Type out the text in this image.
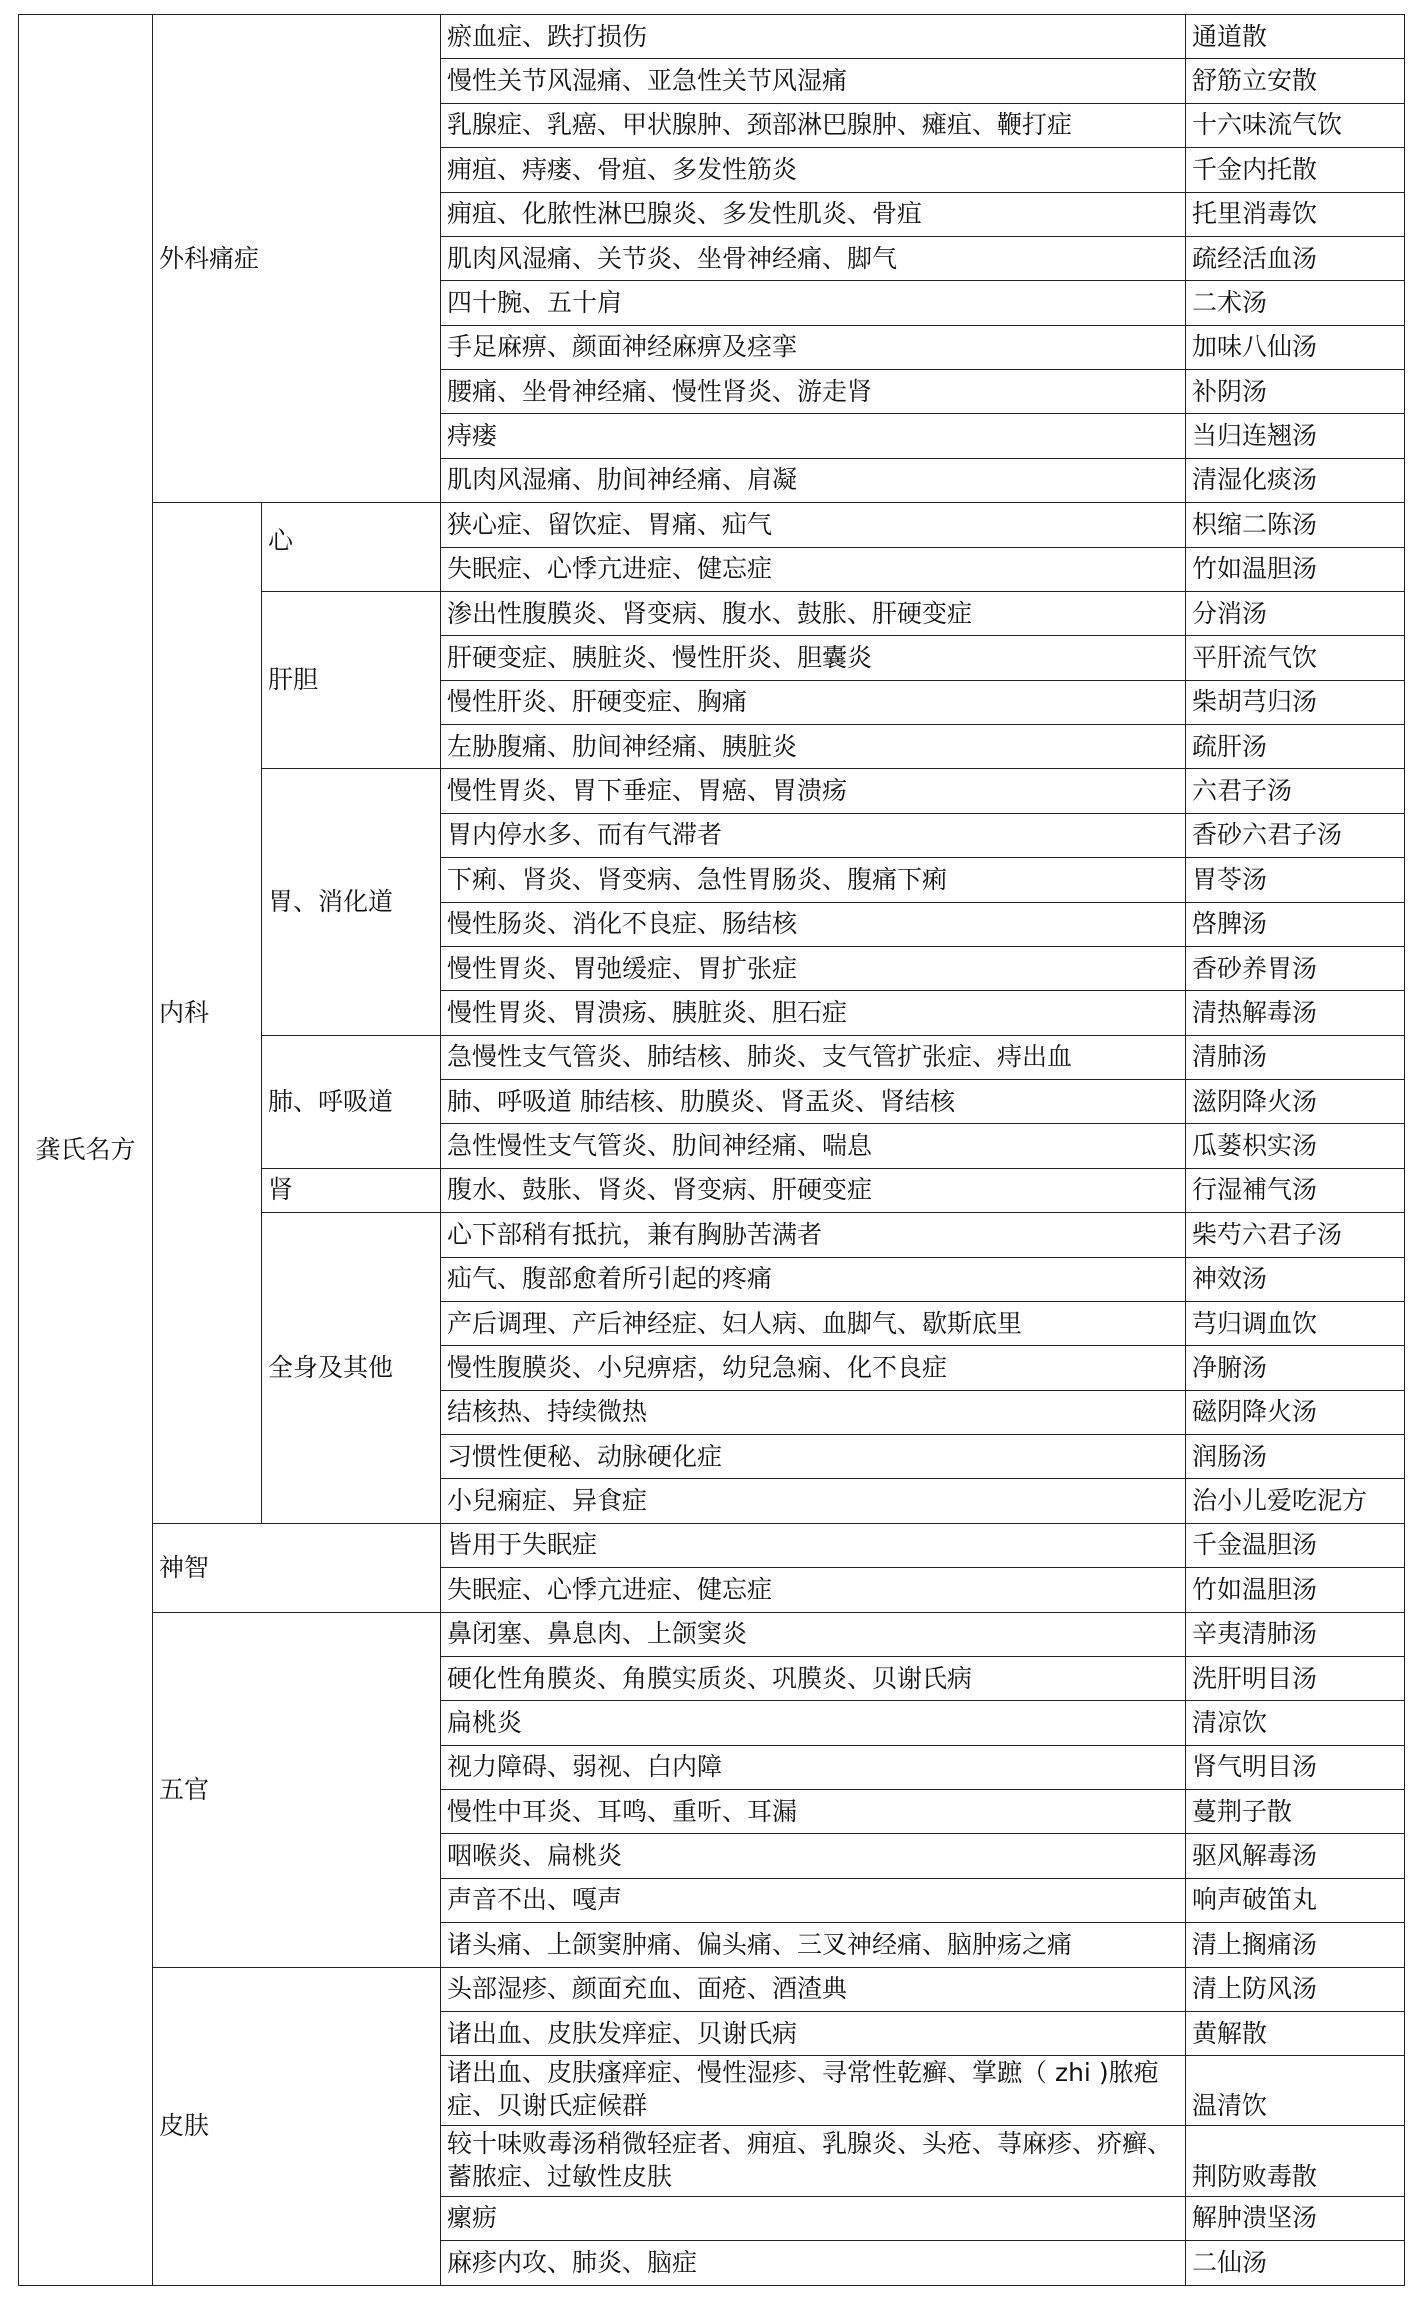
龚氏名方	外科痛症		瘀血症、跌打损伤	通道散
			慢性关节风湿痛、亚急性关节风湿痛	舒筋立安散
			乳腺症、乳癌、甲状腺肿、颈部淋巴腺肿、瘫疽、鞭打症	十六味流气饮
			痈疽、痔瘘、骨疽、多发性筋炎	千金内托散
			痈疽、化脓性淋巴腺炎、多发性肌炎、骨疽	托里消毒饮
			肌肉风湿痛、关节炎、坐骨神经痛、脚气	疏经活血汤
			四十腕、五十肩	二术汤
			手足麻痹、颜面神经麻痹及痉挛	加味八仙汤
			腰痛、坐骨神经痛、慢性肾炎、游走肾	补阴汤
			痔瘘	当归连翘汤
			肌肉风湿痛、肋间神经痛、肩凝	清湿化痰汤
	内科	心	狭心症、留饮症、胃痛、疝气	枳缩二陈汤
			失眠症、心悸亢进症、健忘症	竹如温胆汤
		肝胆	渗出性腹膜炎、肾变病、腹水、鼓胀、肝硬变症	分消汤
			肝硬变症、胰脏炎、慢性肝炎、胆囊炎	平肝流气饮
			慢性肝炎、肝硬变症、胸痛	柴胡芎归汤
			左胁腹痛、肋间神经痛、胰脏炎	疏肝汤
		胃、消化道	慢性胃炎、胃下垂症、胃癌、胃溃疡	六君子汤
			胃内停水多、而有气滞者	香砂六君子汤
			下痢、肾炎、肾变病、急性胃肠炎、腹痛下痢	胃苓汤
			慢性肠炎、消化不良症、肠结核	啓脾汤
			慢性胃炎、胃弛缓症、胃扩张症	香砂养胃汤
			慢性胃炎、胃溃疡、胰脏炎、胆石症	清热解毒汤
		肺、呼吸道	急慢性支气管炎、肺结核、肺炎、支气管扩张症、痔出血	清肺汤
			肺、呼吸道 肺结核、肋膜炎、肾盂炎、肾结核	滋阴降火汤
			急性慢性支气管炎、肋间神经痛、喘息	瓜蒌枳实汤
		肾	腹水、鼓胀、肾炎、肾变病、肝硬变症	行湿補气汤
		全身及其他	心下部稍有抵抗，兼有胸胁苦满者	柴芍六君子汤
			疝气、腹部愈着所引起的疼痛	神效汤
			产后调理、产后神经症、妇人病、血脚气、歇斯底里	芎归调血饮
			慢性腹膜炎、小兒痹痞，幼兒急痫、化不良症	净腑汤
			结核热、持续微热	磁阴降火汤
			习惯性便秘、动脉硬化症	润肠汤
			小兒痫症、异食症	治小儿爱吃泥方
	神智		皆用于失眠症	千金温胆汤
			失眠症、心悸亢进症、健忘症	竹如温胆汤
	五官		鼻闭塞、鼻息肉、上颌窦炎	辛夷清肺汤
			硬化性角膜炎、角膜实质炎、巩膜炎、贝谢氏病	洗肝明目汤
			扁桃炎	清凉饮
			视力障碍、弱视、白内障	肾气明目汤
			慢性中耳炎、耳鸣、重听、耳漏	蔓荆子散
			咽喉炎、扁桃炎	驱风解毒汤
			声音不出、嘎声	响声破笛丸
			诸头痛、上颌窦肿痛、偏头痛、三叉神经痛、脑肿疡之痛	清上搁痛汤
	皮肤		头部湿疹、颜面充血、面疮、酒渣典	清上防风汤
			诸出血、皮肤发痒症、贝谢氏病	黄解散
			诸出血、皮肤瘙痒症、慢性湿疹、寻常性乾癣、掌蹠（ zhi )脓疱症、贝谢氏症候群	温清饮
			较十味败毒汤稍微轻症者、痈疽、乳腺炎、头疮、荨麻疹、疥癣、蓄脓症、过敏性皮肤	荆防败毒散
			瘰疬	解肿溃坚汤
			麻疹内攻、肺炎、脑症	二仙汤
